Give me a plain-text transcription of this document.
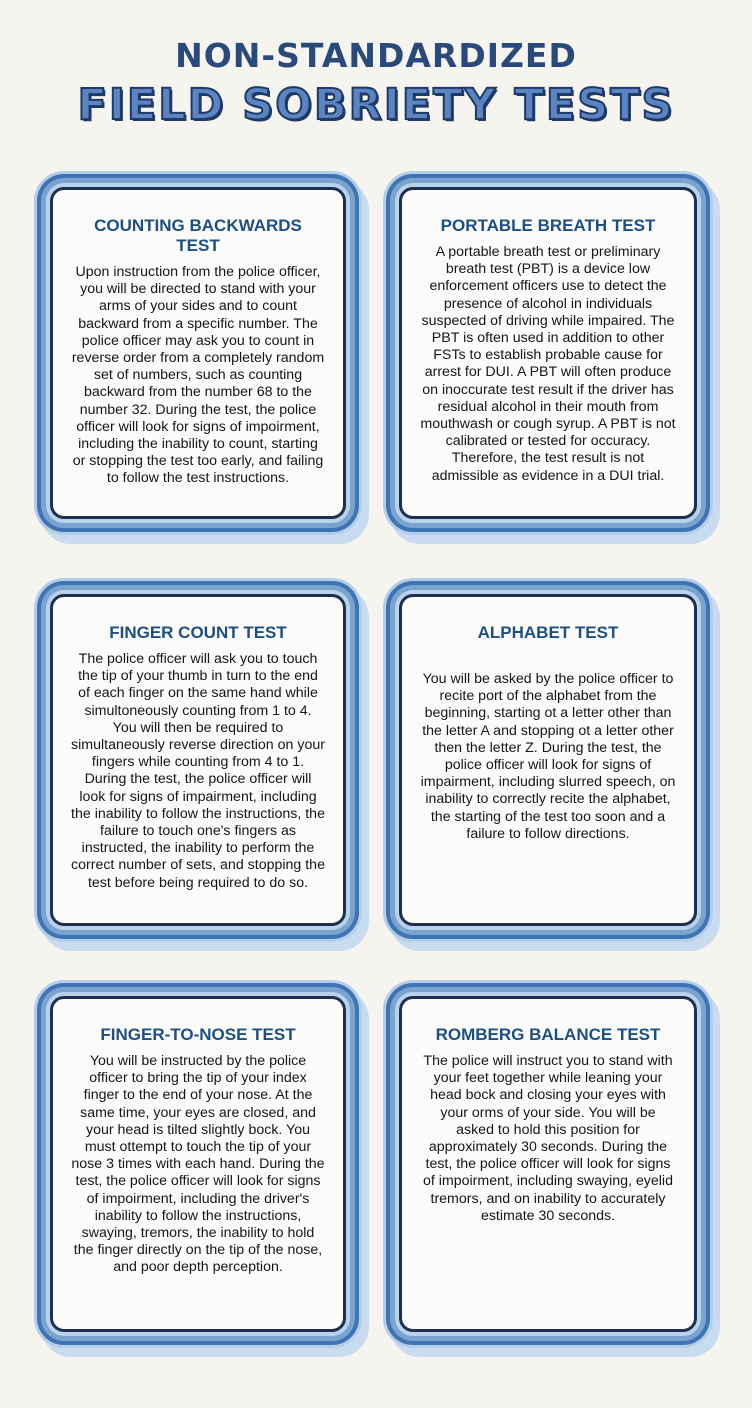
NON-STANDARDIZED
FIELD SOBRIETY TESTS
COUNTING BACKWARDS TEST

Upon instruction from the police officer, you will be directed to stand with your arms of your sides and to count backward from a specific number. The police officer may ask you to count in reverse order from a completely random set of numbers, such as counting backward from the number 68 to the number 32. During the test, the police officer will look for signs of impoirment, including the inability to count, starting or stopping the test too early, and failing to follow the test instructions.

PORTABLE BREATH TEST

A portable breath test or preliminary breath test (PBT) is a device low enforcement officers use to detect the presence of alcohol in individuals suspected of driving while impaired. The PBT is often used in addition to other FSTs to establish probable cause for arrest for DUI. A PBT will often produce on inoccurate test result if the driver has residual alcohol in their mouth from mouthwash or cough syrup. A PBT is not calibrated or tested for occuracy. Therefore, the test result is not admissible as evidence in a DUI trial.

FINGER COUNT TEST

The police officer will ask you to touch the tip of your thumb in turn to the end of each finger on the same hand while simultoneously counting from 1 to 4. You will then be required to simultaneously reverse direction on your fingers while counting from 4 to 1. During the test, the police officer will look for signs of impairment, including the inability to follow the instructions, the failure to touch one's fingers as instructed, the inability to perform the correct number of sets, and stopping the test before being required to do so.

ALPHABET TEST

You will be asked by the police officer to recite port of the alphabet from the beginning, starting ot a letter other than the letter A and stopping ot a letter other then the letter Z. During the test, the police officer will look for signs of impairment, including slurred speech, on inability to correctly recite the alphabet, the starting of the test too soon and a failure to follow directions.

FINGER-TO-NOSE TEST

You will be instructed by the police officer to bring the tip of your index finger to the end of your nose. At the same time, your eyes are closed, and your head is tilted slightly bock. You must ottempt to touch the tip of your nose 3 times with each hand. During the test, the police officer will look for signs of impoirment, including the driver's inability to follow the instructions, swaying, tremors, the inability to hold the finger directly on the tip of the nose, and poor depth perception.

ROMBERG BALANCE TEST

The police will instruct you to stand with your feet together while leaning your head bock and closing your eyes with your orms of your side. You will be asked to hold this position for approximately 30 seconds. During the test, the police officer will look for signs of impoirment, including swaying, eyelid tremors, and on inability to accurately estimate 30 seconds.
